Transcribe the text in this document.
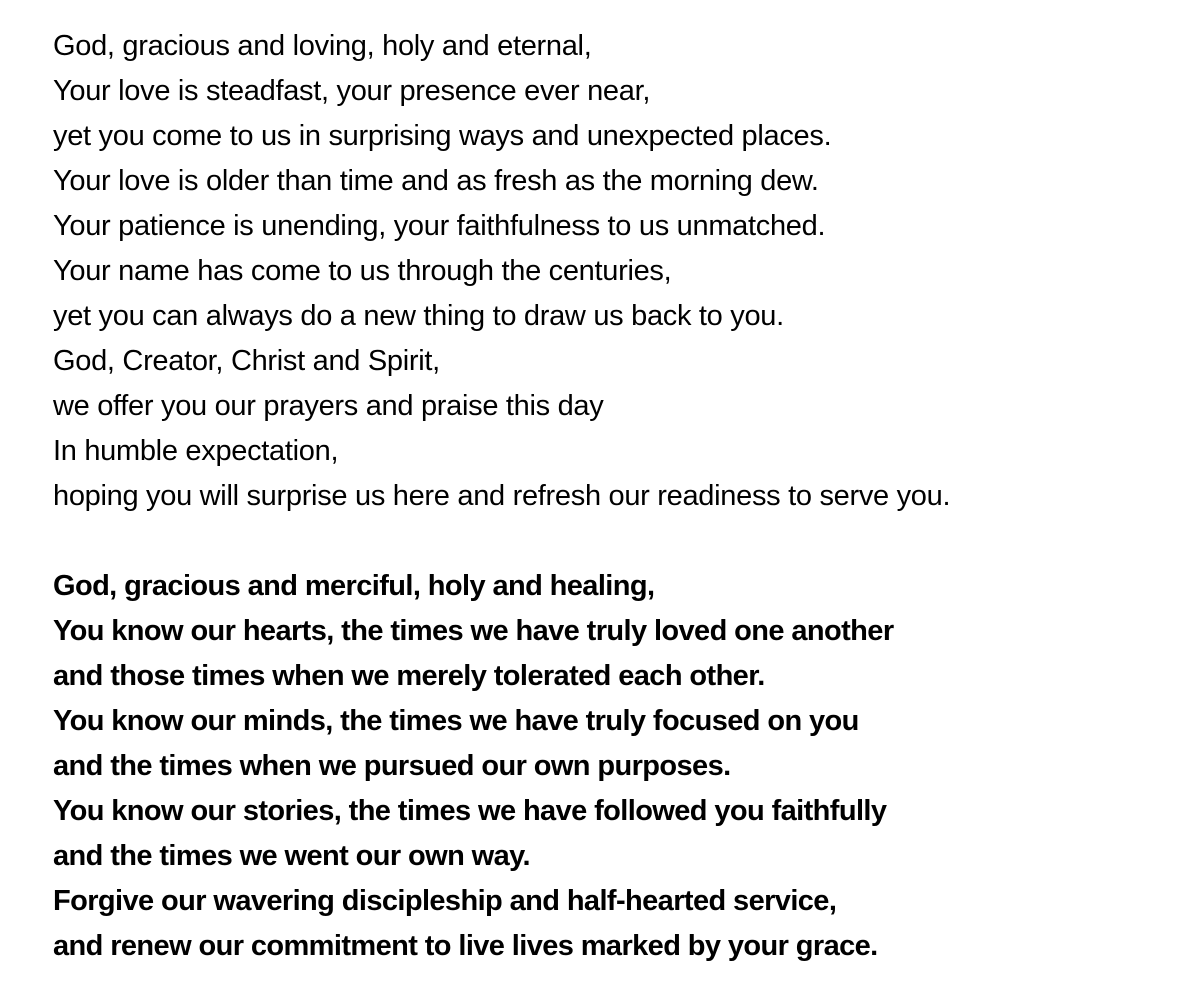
God, gracious and loving, holy and eternal,
Your love is steadfast, your presence ever near,
yet you come to us in surprising ways and unexpected places.
Your love is older than time and as fresh as the morning dew.
Your patience is unending, your faithfulness to us unmatched.
Your name has come to us through the centuries,
yet you can always do a new thing to draw us back to you.
God, Creator, Christ and Spirit,
we offer you our prayers and praise this day
In humble expectation,
hoping you will surprise us here and refresh our readiness to serve you.
God, gracious and merciful, holy and healing,
You know our hearts, the times we have truly loved one another
and those times when we merely tolerated each other.
You know our minds, the times we have truly focused on you
and the times when we pursued our own purposes.
You know our stories, the times we have followed you faithfully
and the times we went our own way.
Forgive our wavering discipleship and half-hearted service,
and renew our commitment to live lives marked by your grace.
